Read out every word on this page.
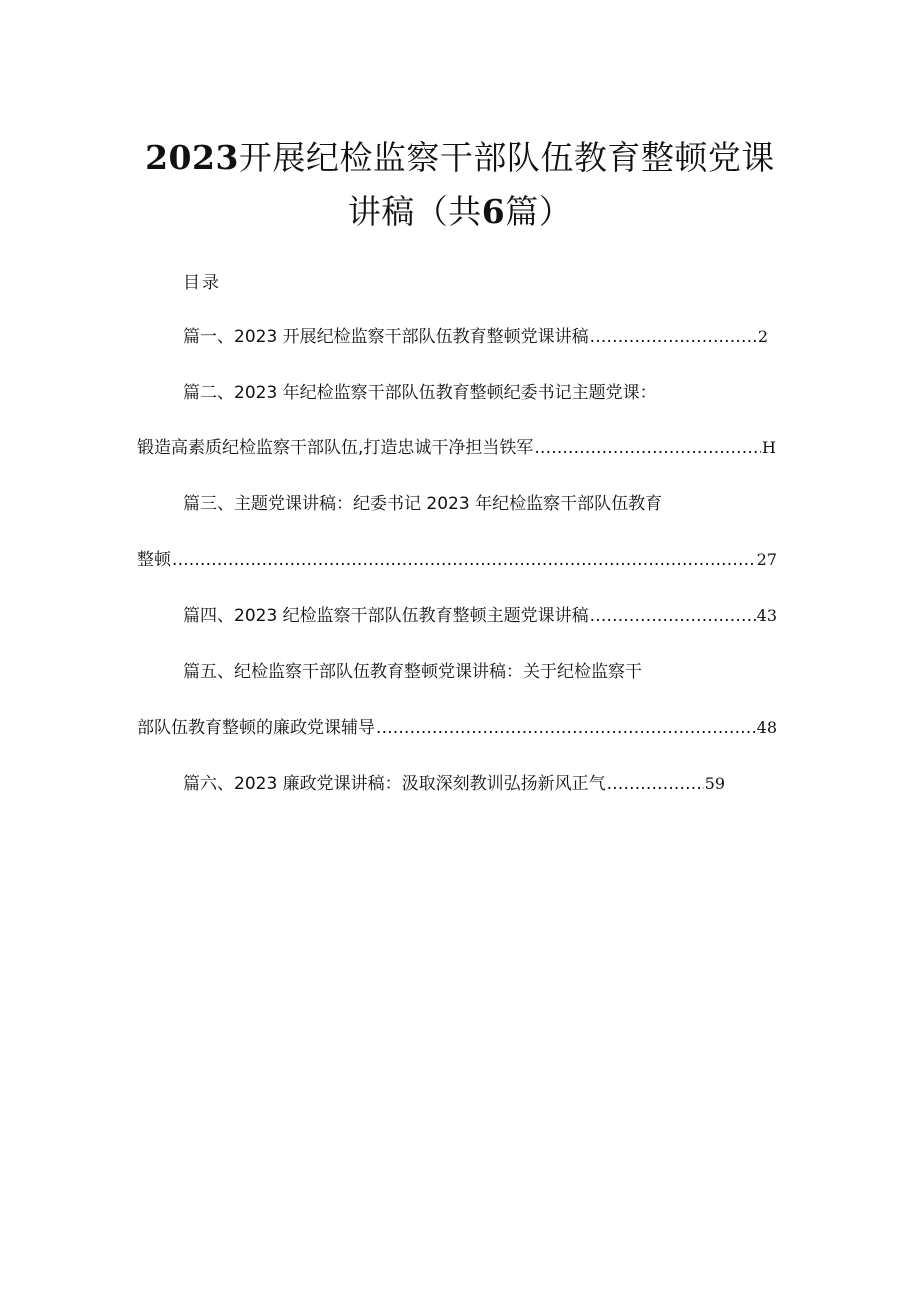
2023开展纪检监察干部队伍教育整顿党课
讲稿（共6篇）
目录
篇一、2023 开展纪检监察干部队伍教育整顿党课讲稿 .....	2
篇二、2023 年纪检监察干部队伍教育整顿纪委书记主题党课：
锻造高素质纪检监察干部队伍,打造忠诚干净担当铁军 .....	H
篇三、主题党课讲稿：纪委书记 2023 年纪检监察干部队伍教育
整顿 .....	27
篇四、2023 纪检监察干部队伍教育整顿主题党课讲稿 .....	43
篇五、纪检监察干部队伍教育整顿党课讲稿：关于纪检监察干
部队伍教育整顿的廉政党课辅导 .....	48
篇六、2023 廉政党课讲稿：汲取深刻教训弘扬新风正气 .....	59
